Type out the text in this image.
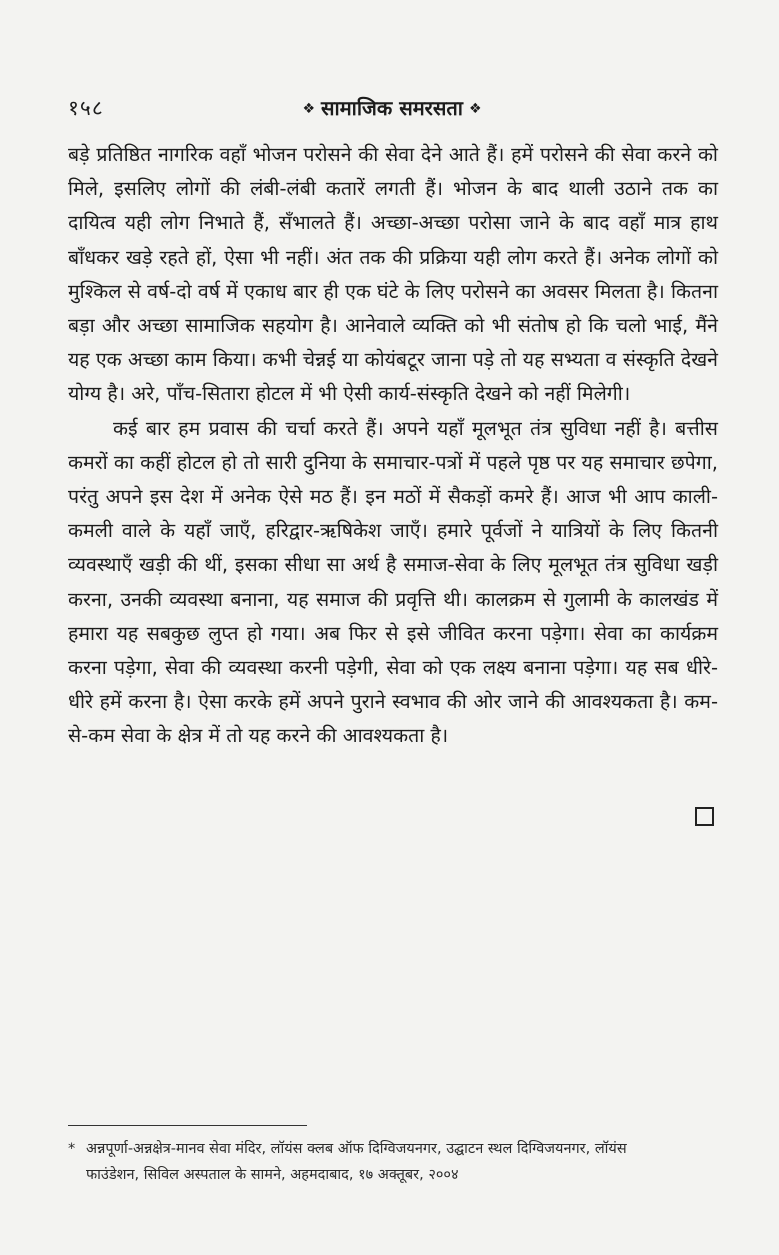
१५८	❖ सामाजिक समरसता ❖

बड़े प्रतिष्ठित नागरिक वहाँ भोजन परोसने की सेवा देने आते हैं। हमें परोसने की सेवा करने को मिले, इसलिए लोगों की लंबी-लंबी कतारें लगती हैं। भोजन के बाद थाली उठाने तक का दायित्व यही लोग निभाते हैं, सँभालते हैं। अच्छा-अच्छा परोसा जाने के बाद वहाँ मात्र हाथ बाँधकर खड़े रहते हों, ऐसा भी नहीं। अंत तक की प्रक्रिया यही लोग करते हैं। अनेक लोगों को मुश्किल से वर्ष-दो वर्ष में एकाध बार ही एक घंटे के लिए परोसने का अवसर मिलता है। कितना बड़ा और अच्छा सामाजिक सहयोग है। आनेवाले व्यक्ति को भी संतोष हो कि चलो भाई, मैंने यह एक अच्छा काम किया। कभी चेन्नई या कोयंबटूर जाना पड़े तो यह सभ्यता व संस्कृति देखने योग्य है। अरे, पाँच-सितारा होटल में भी ऐसी कार्य-संस्कृति देखने को नहीं मिलेगी।

कई बार हम प्रवास की चर्चा करते हैं। अपने यहाँ मूलभूत तंत्र सुविधा नहीं है। बत्तीस कमरों का कहीं होटल हो तो सारी दुनिया के समाचार-पत्रों में पहले पृष्ठ पर यह समाचार छपेगा, परंतु अपने इस देश में अनेक ऐसे मठ हैं। इन मठों में सैकड़ों कमरे हैं। आज भी आप काली-कमली वाले के यहाँ जाएँ, हरिद्वार-ऋषिकेश जाएँ। हमारे पूर्वजों ने यात्रियों के लिए कितनी व्यवस्थाएँ खड़ी की थीं, इसका सीधा सा अर्थ है समाज-सेवा के लिए मूलभूत तंत्र सुविधा खड़ी करना, उनकी व्यवस्था बनाना, यह समाज की प्रवृत्ति थी। कालक्रम से गुलामी के कालखंड में हमारा यह सबकुछ लुप्त हो गया। अब फिर से इसे जीवित करना पड़ेगा। सेवा का कार्यक्रम करना पड़ेगा, सेवा की व्यवस्था करनी पड़ेगी, सेवा को एक लक्ष्य बनाना पड़ेगा। यह सब धीरे-धीरे हमें करना है। ऐसा करके हमें अपने पुराने स्वभाव की ओर जाने की आवश्यकता है। कम-से-कम सेवा के क्षेत्र में तो यह करने की आवश्यकता है।

* अन्नपूर्णा-अन्नक्षेत्र-मानव सेवा मंदिर, लॉयंस क्लब ऑफ दिग्विजयनगर, उद्घाटन स्थल दिग्विजयनगर, लॉयंस
फाउंडेशन, सिविल अस्पताल के सामने, अहमदाबाद, १७ अक्तूबर, २००४
